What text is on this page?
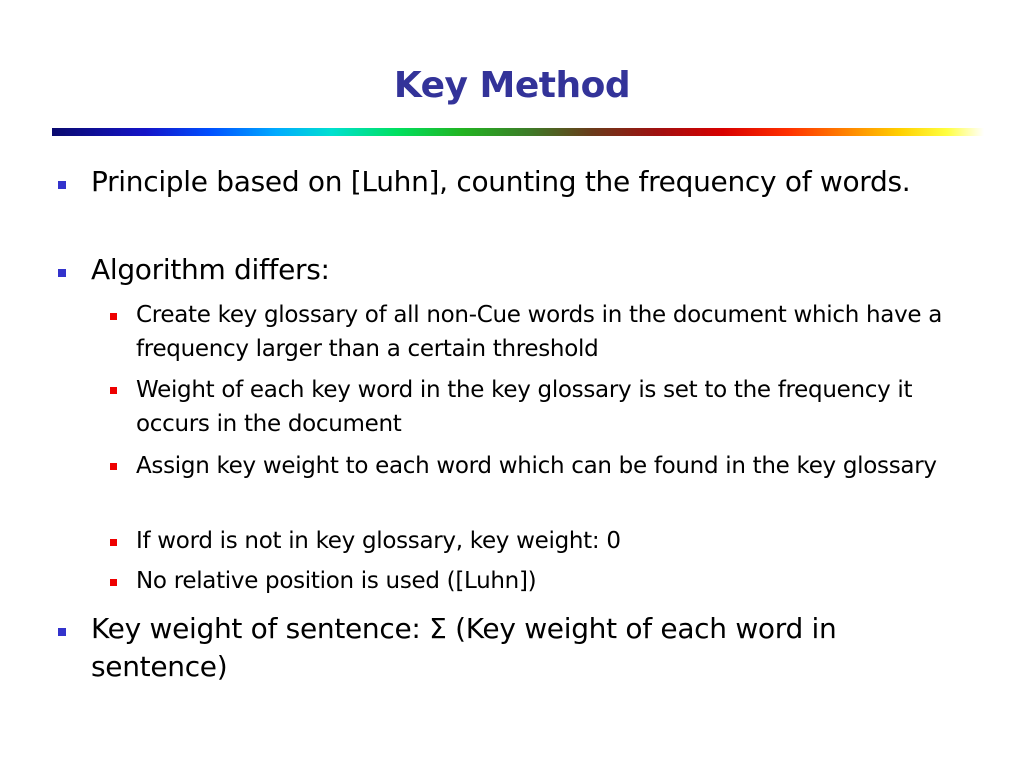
Key Method
Principle based on [Luhn], counting the frequency of words.
Algorithm differs:
Create key glossary of all non-Cue words in the document which have a frequency larger than a certain threshold
Weight of each key word in the key glossary is set to the frequency it occurs in the document
Assign key weight to each word which can be found in the key glossary
If word is not in key glossary, key weight: 0
No relative position is used ([Luhn])
Key weight of sentence: Σ (Key weight of each word in sentence)
